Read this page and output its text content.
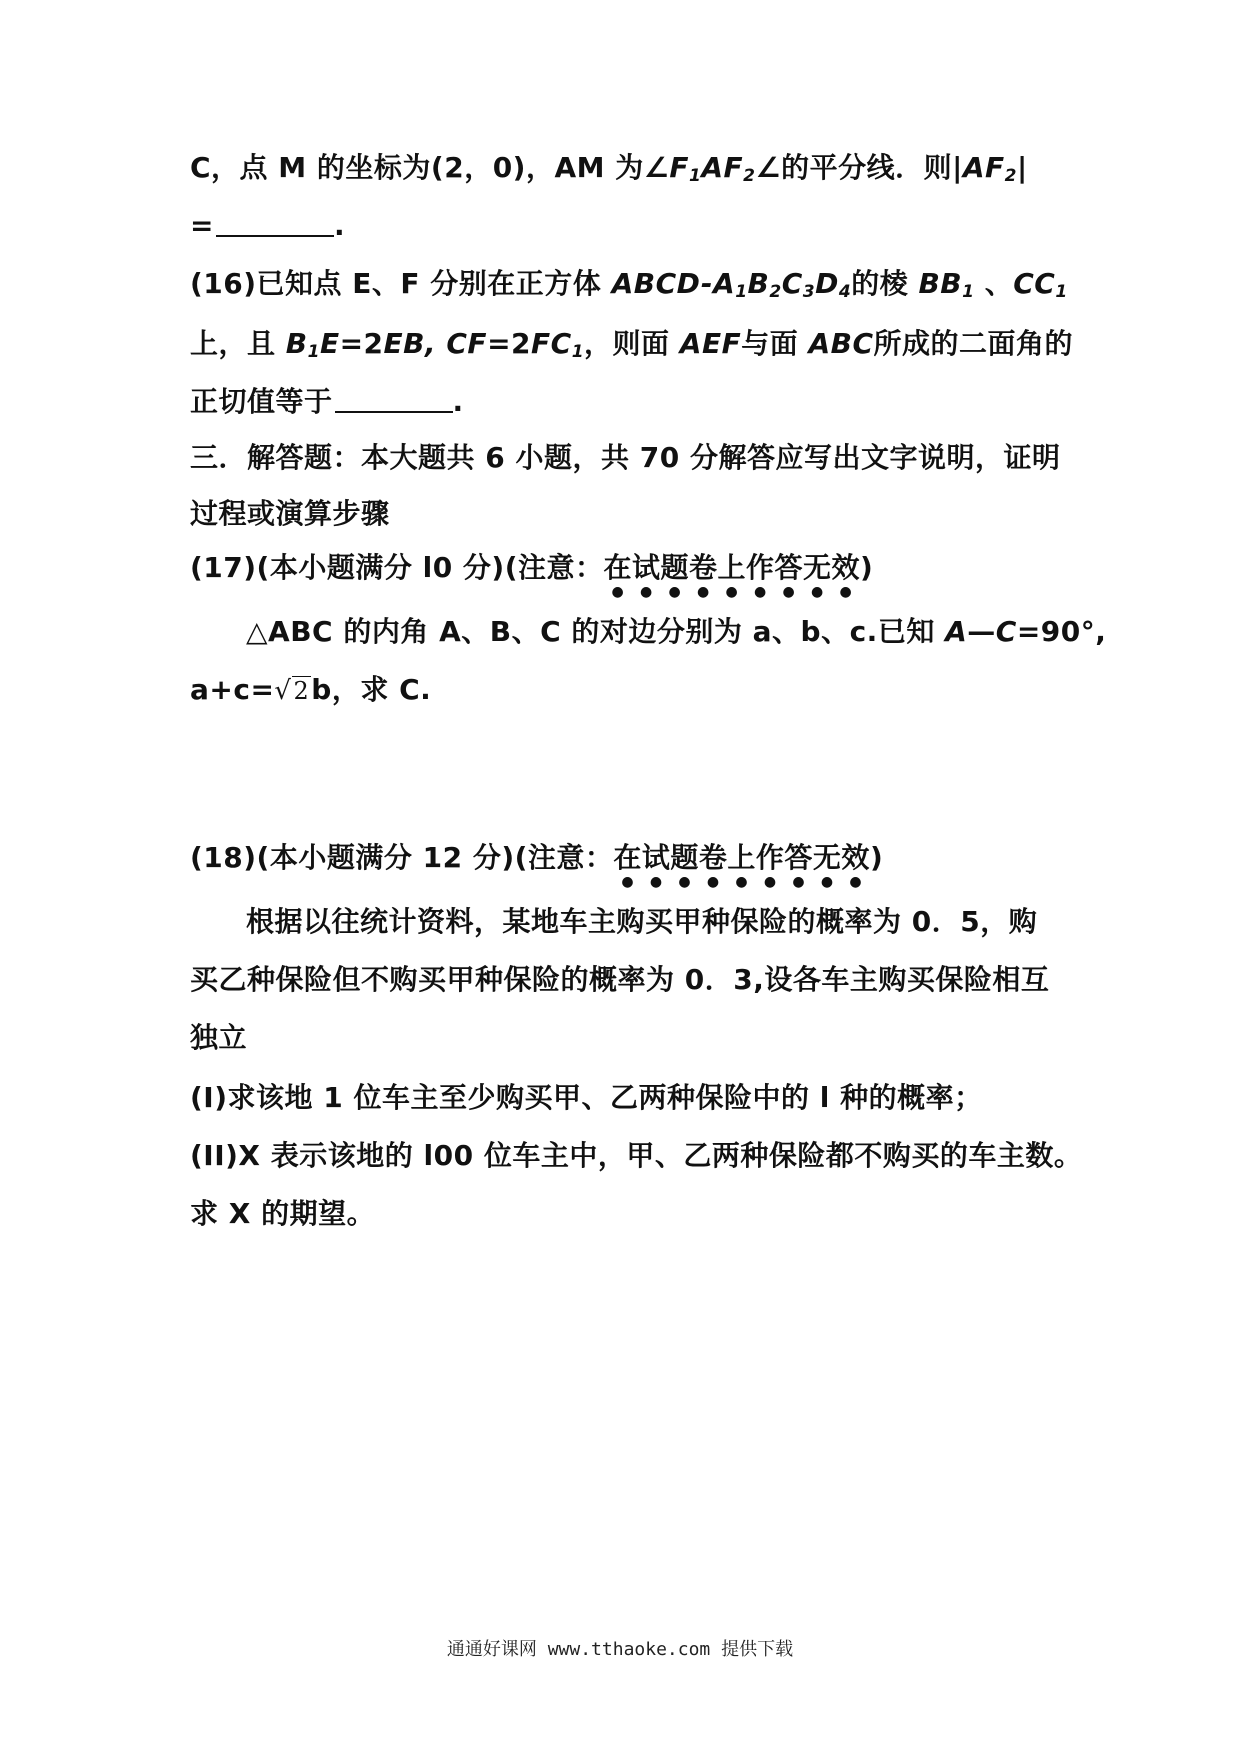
C，点 M 的坐标为(2，0)，AM 为$\angle F_1AF_2\angle$的平分线．则$|AF_2|$
=	.
(16)已知点 E、F 分别在正方体 ABCD-$A_1B_2C_3D_4$的棱 $BB_1$ 、$CC_1$
上，且 $B_1E=2EB$, $CF=2FC_1$，则面 AEF与面 ABC所成的二面角的
正切值等于	.
三．解答题：本大题共 6 小题，共 70 分解答应写出文字说明，证明
过程或演算步骤
(17)(本小题满分 l0 分)(注意：在试题卷上作答无效)
△ABC 的内角 A、B、C 的对边分别为 a、b、c.已知 A—C=90°,
a+c=√2b，求 C.
(18)(本小题满分 12 分)(注意：在试题卷上作答无效)
根据以往统计资料，某地车主购买甲种保险的概率为 0．5，购
买乙种保险但不购买甲种保险的概率为 0．3,设各车主购买保险相互
独立
(I)求该地 1 位车主至少购买甲、乙两种保险中的 l 种的概率；
(II)X 表示该地的 l00 位车主中，甲、乙两种保险都不购买的车主数。
求 X 的期望。
通通好课网 www.tthaoke.com 提供下载
